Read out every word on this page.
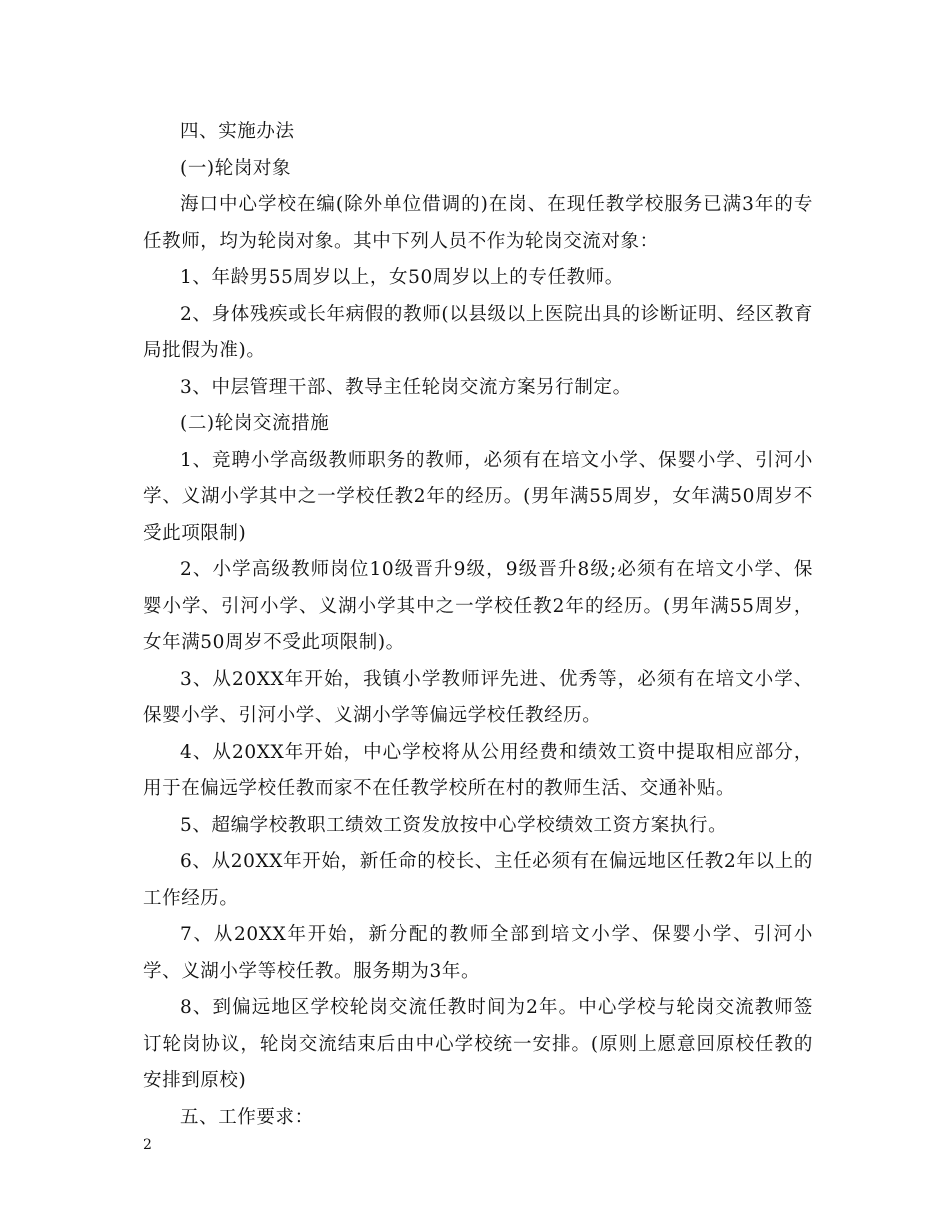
四、实施办法

(一)轮岗对象

海口中心学校在编(除外单位借调的)在岗、在现任教学校服务已满3年的专任教师，均为轮岗对象。其中下列人员不作为轮岗交流对象：

1、年龄男55周岁以上，女50周岁以上的专任教师。

2、身体残疾或长年病假的教师(以县级以上医院出具的诊断证明、经区教育局批假为准)。

3、中层管理干部、教导主任轮岗交流方案另行制定。

(二)轮岗交流措施

1、竞聘小学高级教师职务的教师，必须有在培文小学、保婴小学、引河小学、义湖小学其中之一学校任教2年的经历。(男年满55周岁，女年满50周岁不受此项限制)

2、小学高级教师岗位10级晋升9级，9级晋升8级;必须有在培文小学、保婴小学、引河小学、义湖小学其中之一学校任教2年的经历。(男年满55周岁，女年满50周岁不受此项限制)。

3、从20XX年开始，我镇小学教师评先进、优秀等，必须有在培文小学、保婴小学、引河小学、义湖小学等偏远学校任教经历。

4、从20XX年开始，中心学校将从公用经费和绩效工资中提取相应部分，用于在偏远学校任教而家不在任教学校所在村的教师生活、交通补贴。

5、超编学校教职工绩效工资发放按中心学校绩效工资方案执行。

6、从20XX年开始，新任命的校长、主任必须有在偏远地区任教2年以上的工作经历。

7、从20XX年开始，新分配的教师全部到培文小学、保婴小学、引河小学、义湖小学等校任教。服务期为3年。

8、到偏远地区学校轮岗交流任教时间为2年。中心学校与轮岗交流教师签订轮岗协议，轮岗交流结束后由中心学校统一安排。(原则上愿意回原校任教的安排到原校)

五、工作要求：

2
